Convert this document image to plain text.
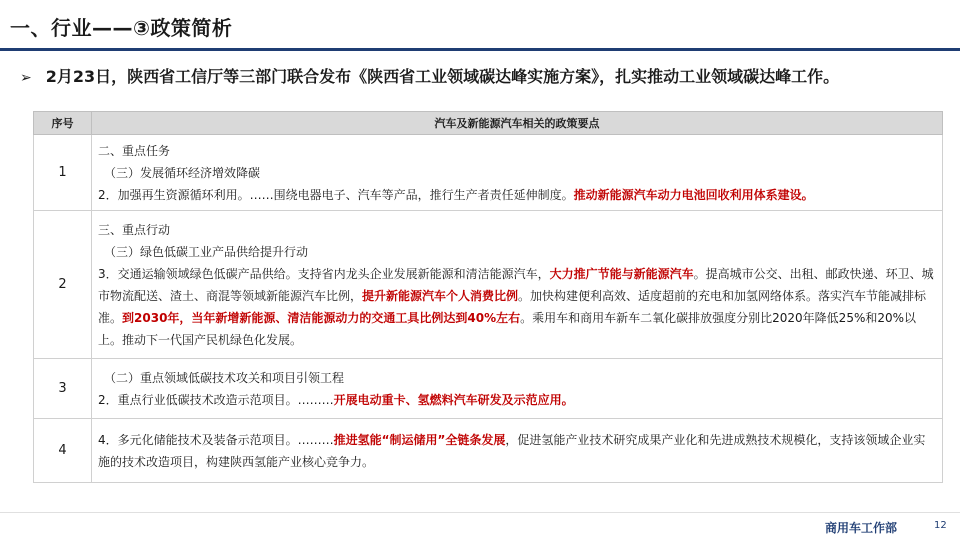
一、行业——③政策简析
➢ 2月23日，陕西省工信厅等三部门联合发布《陕西省工业领域碳达峰实施方案》，扎实推动工业领域碳达峰工作。
序号	汽车及新能源汽车相关的政策要点
1	二、重点任务
（三）发展循环经济增效降碳
2．加强再生资源循环利用。……围绕电器电子、汽车等产品，推行生产者责任延伸制度。推动新能源汽车动力电池回收利用体系建设。

2	三、重点行动
（三）绿色低碳工业产品供给提升行动
3．交通运输领域绿色低碳产品供给。支持省内龙头企业发展新能源和清洁能源汽车，大力推广节能与新能源汽车。提高城市公交、出租、邮政快递、环卫、城市物流配送、渣土、商混等领域新能源汽车比例，提升新能源汽车个人消费比例。加快构建便利高效、适度超前的充电和加氢网络体系。落实汽车节能减排标准。到2030年，当年新增新能源、清洁能源动力的交通工具比例达到40%左右。乘用车和商用车新车二氧化碳排放强度分别比2020年降低25%和20%以上。推动下一代国产民机绿色化发展。

3	（二）重点领域低碳技术攻关和项目引领工程
2．重点行业低碳技术改造示范项目。………开展电动重卡、氢燃料汽车研发及示范应用。

4	4．多元化储能技术及装备示范项目。………推进氢能“制运储用”全链条发展，促进氢能产业技术研究成果产业化和先进成熟技术规模化，支持该领域企业实施的技术改造项目，构建陕西氢能产业核心竞争力。
商用车工作部	12
